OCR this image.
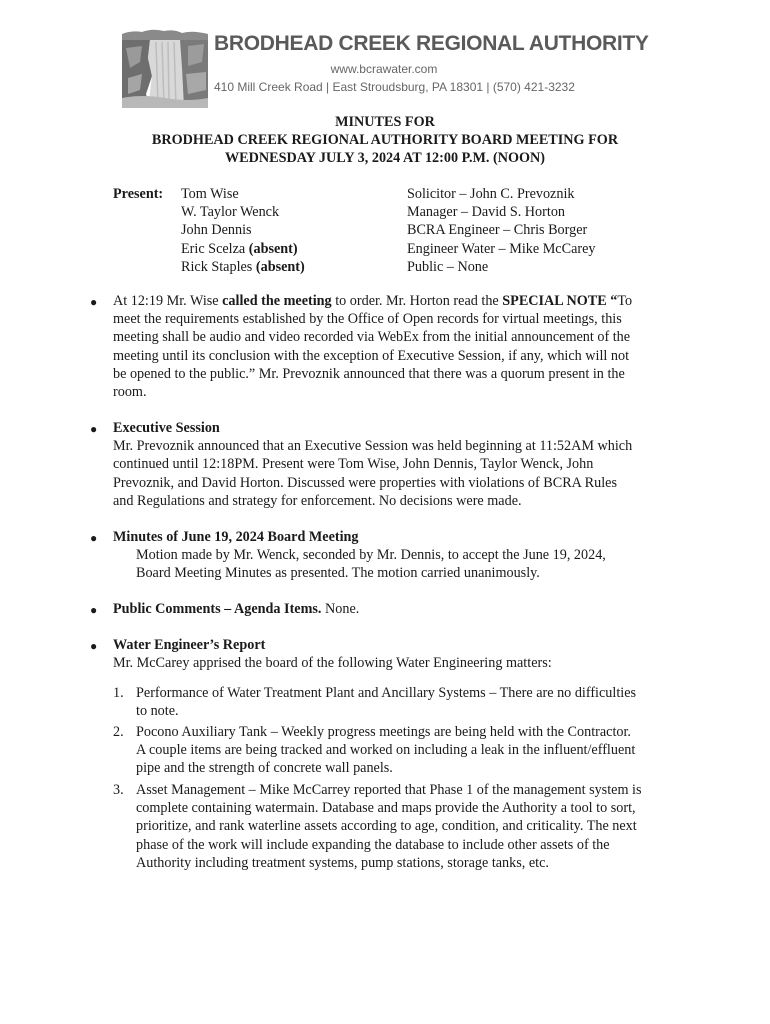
BRODHEAD CREEK REGIONAL AUTHORITY
www.bcrawater.com
410 Mill Creek Road | East Stroudsburg, PA 18301 | (570) 421-3232
MINUTES FOR
BRODHEAD CREEK REGIONAL AUTHORITY BOARD MEETING FOR
WEDNESDAY JULY 3, 2024 AT 12:00 P.M. (NOON)
Present: Tom Wise
W. Taylor Wenck
John Dennis
Eric Scelza (absent)
Rick Staples (absent)
Solicitor – John C. Prevoznik
Manager – David S. Horton
BCRA Engineer – Chris Borger
Engineer Water – Mike McCarey
Public – None
● At 12:19 Mr. Wise called the meeting to order. Mr. Horton read the SPECIAL NOTE “To
meet the requirements established by the Office of Open records for virtual meetings, this
meeting shall be audio and video recorded via WebEx from the initial announcement of the
meeting until its conclusion with the exception of Executive Session, if any, which will not
be opened to the public.” Mr. Prevoznik announced that there was a quorum present in the
room.
● Executive Session
Mr. Prevoznik announced that an Executive Session was held beginning at 11:52AM which
continued until 12:18PM. Present were Tom Wise, John Dennis, Taylor Wenck, John
Prevoznik, and David Horton. Discussed were properties with violations of BCRA Rules
and Regulations and strategy for enforcement. No decisions were made.
● Minutes of June 19, 2024 Board Meeting
Motion made by Mr. Wenck, seconded by Mr. Dennis, to accept the June 19, 2024,
Board Meeting Minutes as presented. The motion carried unanimously.
● Public Comments – Agenda Items. None.
● Water Engineer’s Report
Mr. McCarey apprised the board of the following Water Engineering matters:
1. Performance of Water Treatment Plant and Ancillary Systems – There are no difficulties
to note.
2. Pocono Auxiliary Tank – Weekly progress meetings are being held with the Contractor.
A couple items are being tracked and worked on including a leak in the influent/effluent
pipe and the strength of concrete wall panels.
3. Asset Management – Mike McCarrey reported that Phase 1 of the management system is
complete containing watermain. Database and maps provide the Authority a tool to sort,
prioritize, and rank waterline assets according to age, condition, and criticality. The next
phase of the work will include expanding the database to include other assets of the
Authority including treatment systems, pump stations, storage tanks, etc.
